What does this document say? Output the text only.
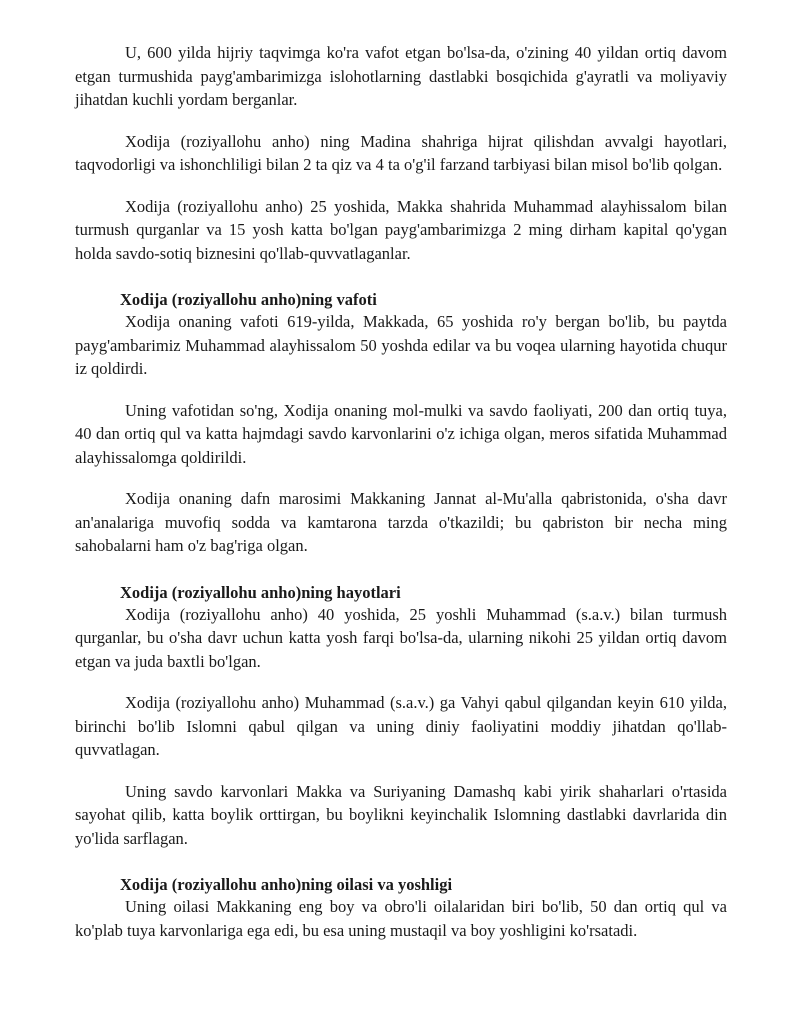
U, 600 yilda hijriy taqvimga ko'ra vafot etgan bo'lsa-da, o'zining 40 yildan ortiq davom etgan turmushida payg'ambarimizga islohotlarning dastlabki bosqichida g'ayratli va moliyaviy jihatdan kuchli yordam berganlar.

Xodija (roziyallohu anho) ning Madina shahriga hijrat qilishdan avvalgi hayotlari, taqvodorligi va ishonchliligi bilan 2 ta qiz va 4 ta o'g'il farzand tarbiyasi bilan misol bo'lib qolgan.

Xodija (roziyallohu anho) 25 yoshida, Makka shahrida Muhammad alayhissalom bilan turmush qurganlar va 15 yosh katta bo'lgan payg'ambarimizga 2 ming dirham kapital qo'ygan holda savdo-sotiq biznesini qo'llab-quvvatlaganlar.

Xodija (roziyallohu anho)ning vafoti

Xodija onaning vafoti 619-yilda, Makkada, 65 yoshida ro'y bergan bo'lib, bu paytda payg'ambarimiz Muhammad alayhissalom 50 yoshda edilar va bu voqea ularning hayotida chuqur iz qoldirdi.

Uning vafotidan so'ng, Xodija onaning mol-mulki va savdo faoliyati, 200 dan ortiq tuya, 40 dan ortiq qul va katta hajmdagi savdo karvonlarini o'z ichiga olgan, meros sifatida Muhammad alayhissalomga qoldirildi.

Xodija onaning dafn marosimi Makkaning Jannat al-Mu'alla qabristonida, o'sha davr an'analariga muvofiq sodda va kamtarona tarzda o'tkazildi; bu qabriston bir necha ming sahobalarni ham o'z bag'riga olgan.

Xodija (roziyallohu anho)ning hayotlari

Xodija (roziyallohu anho) 40 yoshida, 25 yoshli Muhammad (s.a.v.) bilan turmush qurganlar, bu o'sha davr uchun katta yosh farqi bo'lsa-da, ularning nikohi 25 yildan ortiq davom etgan va juda baxtli bo'lgan.

Xodija (roziyallohu anho) Muhammad (s.a.v.) ga Vahyi qabul qilgandan keyin 610 yilda, birinchi bo'lib Islomni qabul qilgan va uning diniy faoliyatini moddiy jihatdan qo'llab-quvvatlagan.

Uning savdo karvonlari Makka va Suriyaning Damashq kabi yirik shaharlari o'rtasida sayohat qilib, katta boylik orttirgan, bu boylikni keyinchalik Islomning dastlabki davrlarida din yo'lida sarflagan.

Xodija (roziyallohu anho)ning oilasi va yoshligi

Uning oilasi Makkaning eng boy va obro'li oilalaridan biri bo'lib, 50 dan ortiq qul va ko'plab tuya karvonlariga ega edi, bu esa uning mustaqil va boy yoshligini ko'rsatadi.
